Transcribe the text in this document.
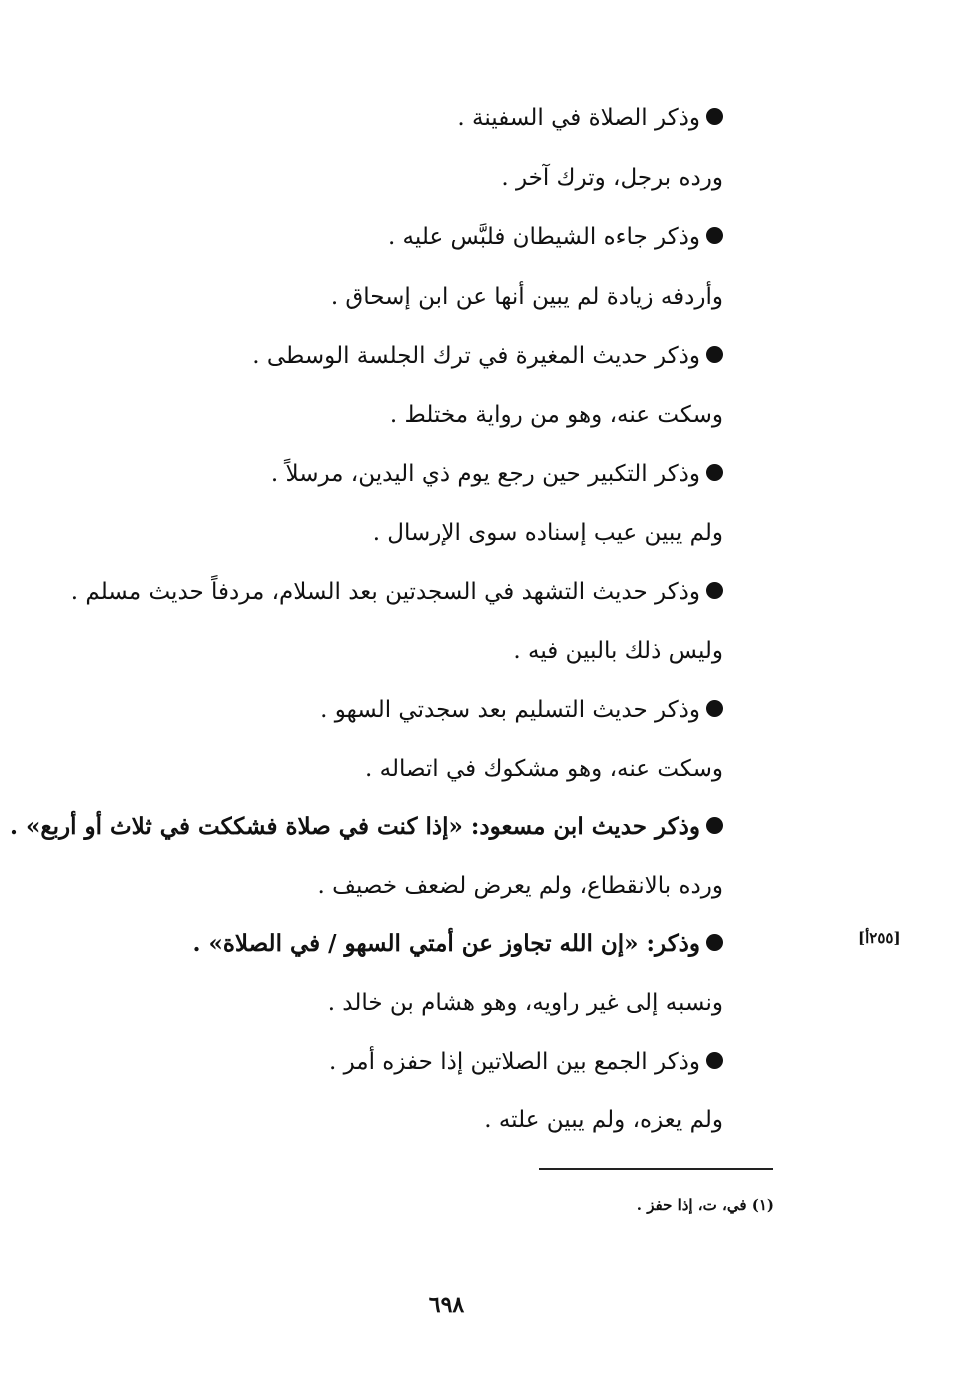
وذكر الصلاة في السفينة .
ورده برجل، وترك آخر .
وذكر جاءه الشيطان فلبَّس عليه .
وأردفه زيادة لم يبين أنها عن ابن إسحاق .
وذكر حديث المغيرة في ترك الجلسة الوسطى .
وسكت عنه، وهو من رواية مختلط .
وذكر التكبير حين رجع يوم ذي اليدين، مرسلاً .
ولم يبين عيب إسناده سوى الإرسال .
وذكر حديث التشهد في السجدتين بعد السلام، مردفاً حديث مسلم .
وليس ذلك بالبين فيه .
وذكر حديث التسليم بعد سجدتي السهو .
وسكت عنه، وهو مشكوك في اتصاله .
وذكر حديث ابن مسعود: «إذا كنت في صلاة فشككت في ثلاث أو أربع» .
ورده بالانقطاع، ولم يعرض لضعف خصيف .
وذكر: «إن الله تجاوز عن أمتي السهو / في الصلاة» .
ونسبه إلى غير راويه، وهو هشام بن خالد .
وذكر الجمع بين الصلاتين إذا حفزه أمر .
ولم يعزه، ولم يبين علته .
[٢٥٥أ]
(١) في، ت، إذا حفز .
٦٩٨
